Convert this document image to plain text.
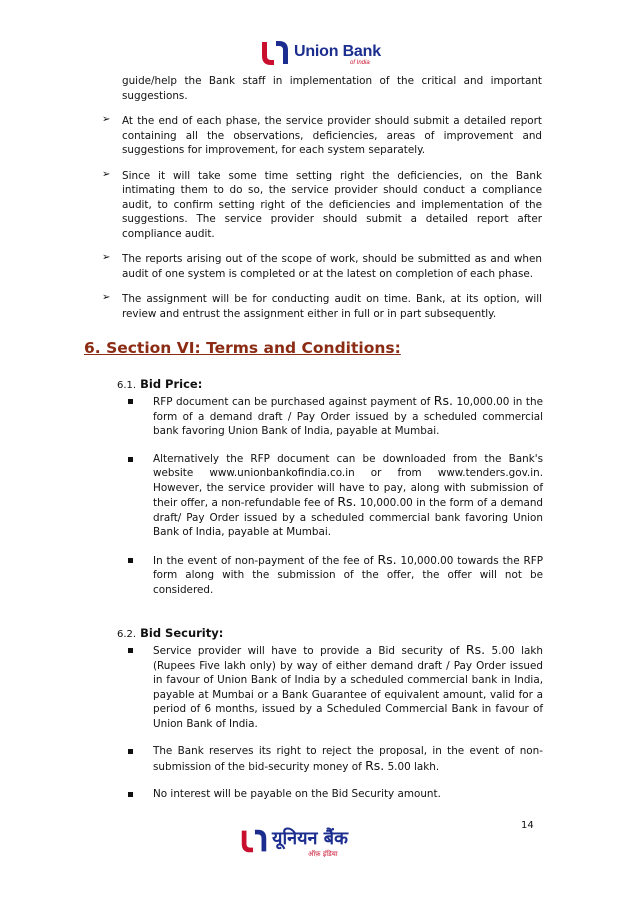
Union Bank
of India

guide/help the Bank staff in implementation of the critical and important suggestions.

➢ At the end of each phase, the service provider should submit a detailed report containing all the observations, deficiencies, areas of improvement and suggestions for improvement, for each system separately.

➢ Since it will take some time setting right the deficiencies, on the Bank intimating them to do so, the service provider should conduct a compliance audit, to confirm setting right of the deficiencies and implementation of the suggestions. The service provider should submit a detailed report after compliance audit.

➢ The reports arising out of the scope of work, should be submitted as and when audit of one system is completed or at the latest on completion of each phase.

➢ The assignment will be for conducting audit on time. Bank, at its option, will review and entrust the assignment either in full or in part subsequently.

6. Section VI: Terms and Conditions:
6.1. Bid Price:

RFP document can be purchased against payment of Rs. 10,000.00 in the form of a demand draft / Pay Order issued by a scheduled commercial bank favoring Union Bank of India, payable at Mumbai.

Alternatively the RFP document can be downloaded from the Bank's website www.unionbankofindia.co.in or from www.tenders.gov.in. However, the service provider will have to pay, along with submission of their offer, a non-refundable fee of Rs. 10,000.00 in the form of a demand draft/ Pay Order issued by a scheduled commercial bank favoring Union Bank of India, payable at Mumbai.

In the event of non-payment of the fee of Rs. 10,000.00 towards the RFP form along with the submission of the offer, the offer will not be considered.

6.2. Bid Security:

Service provider will have to provide a Bid security of Rs. 5.00 lakh (Rupees Five lakh only) by way of either demand draft / Pay Order issued in favour of Union Bank of India by a scheduled commercial bank in India, payable at Mumbai or a Bank Guarantee of equivalent amount, valid for a period of 6 months, issued by a Scheduled Commercial Bank in favour of Union Bank of India.

The Bank reserves its right to reject the proposal, in the event of non-submission of the bid-security money of Rs. 5.00 lakh.

No interest will be payable on the Bid Security amount.

14
यूनियन बैंक
ऑफ़ इंडिया
